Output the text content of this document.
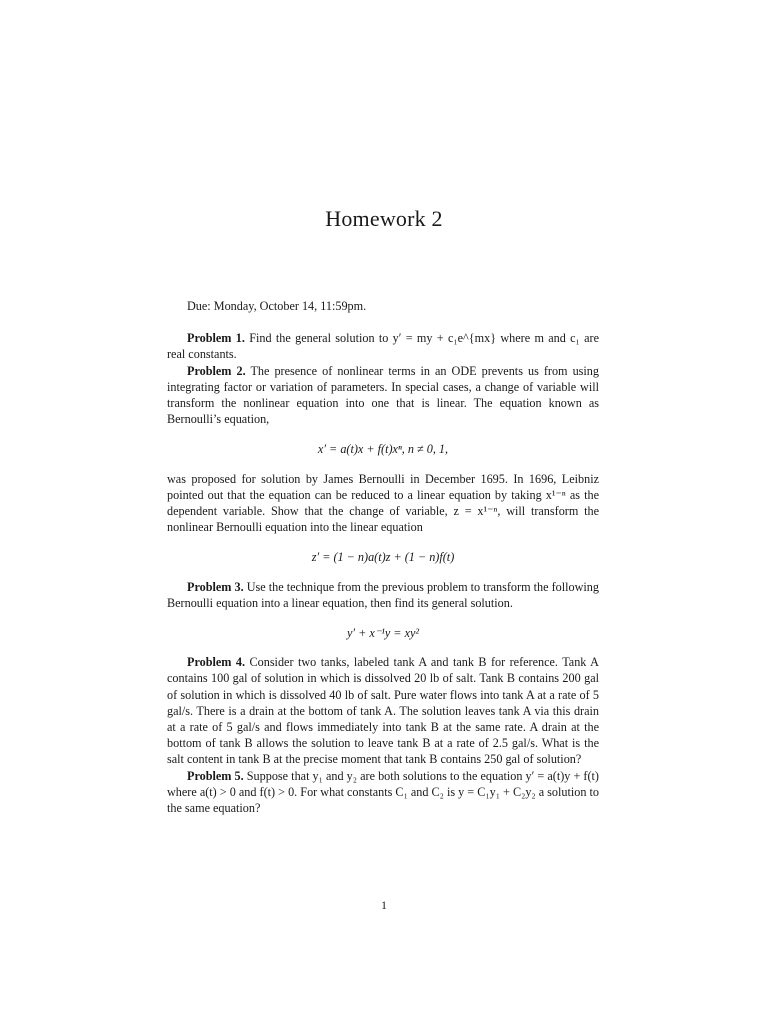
Homework 2
Due: Monday, October 14, 11:59pm.

Problem 1. Find the general solution to y′ = my + c₁e^{mx} where m and c₁ are real constants.

Problem 2. The presence of nonlinear terms in an ODE prevents us from using integrating factor or variation of parameters. In special cases, a change of variable will transform the nonlinear equation into one that is linear. The equation known as Bernoulli’s equation,

x′ = a(t)x + f(t)xⁿ, n ≠ 0, 1,

was proposed for solution by James Bernoulli in December 1695. In 1696, Leibniz pointed out that the equation can be reduced to a linear equation by taking x¹⁻ⁿ as the dependent variable. Show that the change of variable, z = x¹⁻ⁿ, will transform the nonlinear Bernoulli equation into the linear equation

z′ = (1 − n)a(t)z + (1 − n)f(t)

Problem 3. Use the technique from the previous problem to transform the following Bernoulli equation into a linear equation, then find its general solution.

y′ + x⁻¹y = xy²

Problem 4. Consider two tanks, labeled tank A and tank B for reference. Tank A contains 100 gal of solution in which is dissolved 20 lb of salt. Tank B contains 200 gal of solution in which is dissolved 40 lb of salt. Pure water flows into tank A at a rate of 5 gal/s. There is a drain at the bottom of tank A. The solution leaves tank A via this drain at a rate of 5 gal/s and flows immediately into tank B at the same rate. A drain at the bottom of tank B allows the solution to leave tank B at a rate of 2.5 gal/s. What is the salt content in tank B at the precise moment that tank B contains 250 gal of solution?

Problem 5. Suppose that y₁ and y₂ are both solutions to the equation y′ = a(t)y + f(t) where a(t) > 0 and f(t) > 0. For what constants C₁ and C₂ is y = C₁y₁ + C₂y₂ a solution to the same equation?

1
